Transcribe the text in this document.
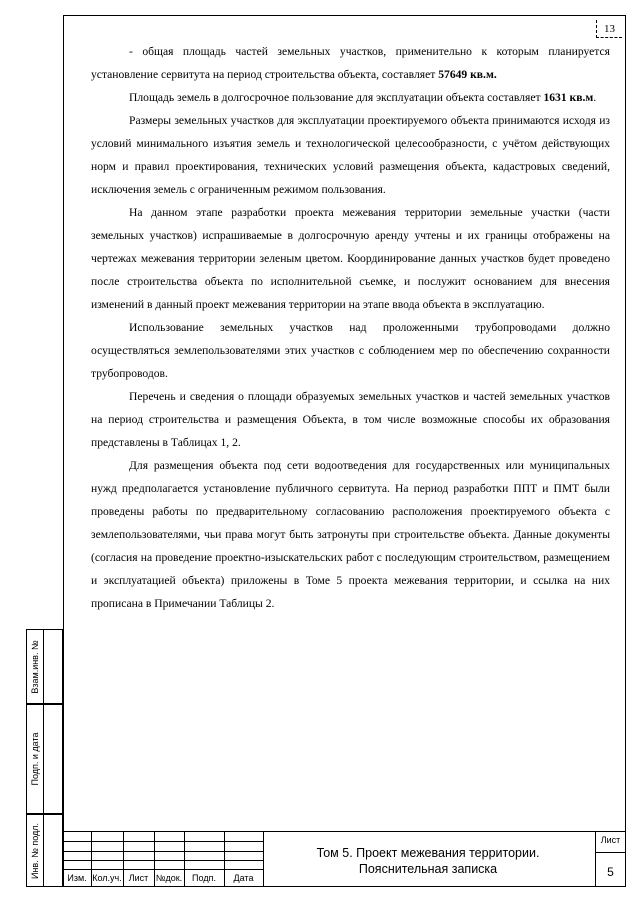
13

- общая площадь частей земельных участков, применительно к которым планируется установление сервитута на период строительства объекта, составляет 57649 кв.м.

Площадь земель в долгосрочное пользование для эксплуатации объекта составляет 1631 кв.м.

Размеры земельных участков для эксплуатации проектируемого объекта принимаются исходя из условий минимального изъятия земель и технологической целесообразности, с учётом действующих норм и правил проектирования, технических условий размещения объекта, кадастровых сведений, исключения земель с ограниченным режимом пользования.

На данном этапе разработки проекта межевания территории земельные участки (части земельных участков) испрашиваемые в долгосрочную аренду учтены и их границы отображены на чертежах межевания территории зеленым цветом. Координирование данных участков будет проведено после строительства объекта по исполнительной съемке, и послужит основанием для внесения изменений в данный проект межевания территории на этапе ввода объекта в эксплуатацию.

Использование земельных участков над проложенными трубопроводами должно осуществляться землепользователями этих участков с соблюдением мер по обеспечению сохранности трубопроводов.

Перечень и сведения о площади образуемых земельных участков и частей земельных участков на период строительства и размещения Объекта, в том числе возможные способы их образования представлены в Таблицах 1, 2.

Для размещения объекта под сети водоотведения для государственных или муниципальных нужд предполагается установление публичного сервитута. На период разработки ППТ и ПМТ были проведены работы по предварительному согласованию расположения проектируемого объекта с землепользователями, чьи права могут быть затронуты при строительстве объекта. Данные документы (согласия на проведение проектно-изыскательских работ с последующим строительством, размещением и эксплуатацией объекта) приложены в Томе 5 проекта межевания территории, и ссылка на них прописана в Примечании Таблицы 2.

Взам.инв. №
Подп. и дата
Инв. № подл.	Изм. Кол.уч. Лист №док.	Подп.	Дата
Том 5. Проект межевания территории.
Пояснительная записка
Лист
5
